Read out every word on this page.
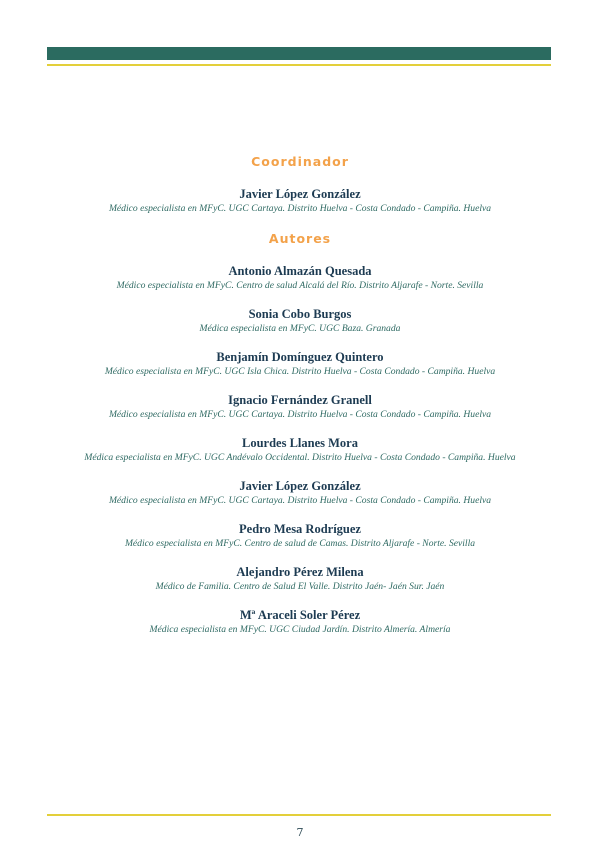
Coordinador
Javier López González
Médico especialista en MFyC. UGC Cartaya. Distrito Huelva - Costa Condado - Campiña. Huelva
Autores
Antonio Almazán Quesada
Médico especialista en MFyC. Centro de salud Alcalá del Río. Distrito Aljarafe - Norte. Sevilla
Sonia Cobo Burgos
Médica especialista en MFyC. UGC Baza. Granada
Benjamín Domínguez Quintero
Médico especialista en MFyC. UGC Isla Chica. Distrito Huelva - Costa Condado - Campiña. Huelva
Ignacio Fernández Granell
Médico especialista en MFyC. UGC Cartaya. Distrito Huelva - Costa Condado - Campiña. Huelva
Lourdes Llanes Mora
Médica especialista en MFyC. UGC Andévalo Occidental. Distrito Huelva - Costa Condado - Campiña. Huelva
Javier López González
Médico especialista en MFyC. UGC Cartaya. Distrito Huelva - Costa Condado - Campiña. Huelva
Pedro Mesa Rodríguez
Médico especialista en MFyC. Centro de salud de Camas. Distrito Aljarafe - Norte. Sevilla
Alejandro Pérez Milena
Médico de Familia. Centro de Salud El Valle. Distrito Jaén- Jaén Sur. Jaén
Mª Araceli Soler Pérez
Médica especialista en MFyC. UGC Ciudad Jardín. Distrito Almería. Almería
7
